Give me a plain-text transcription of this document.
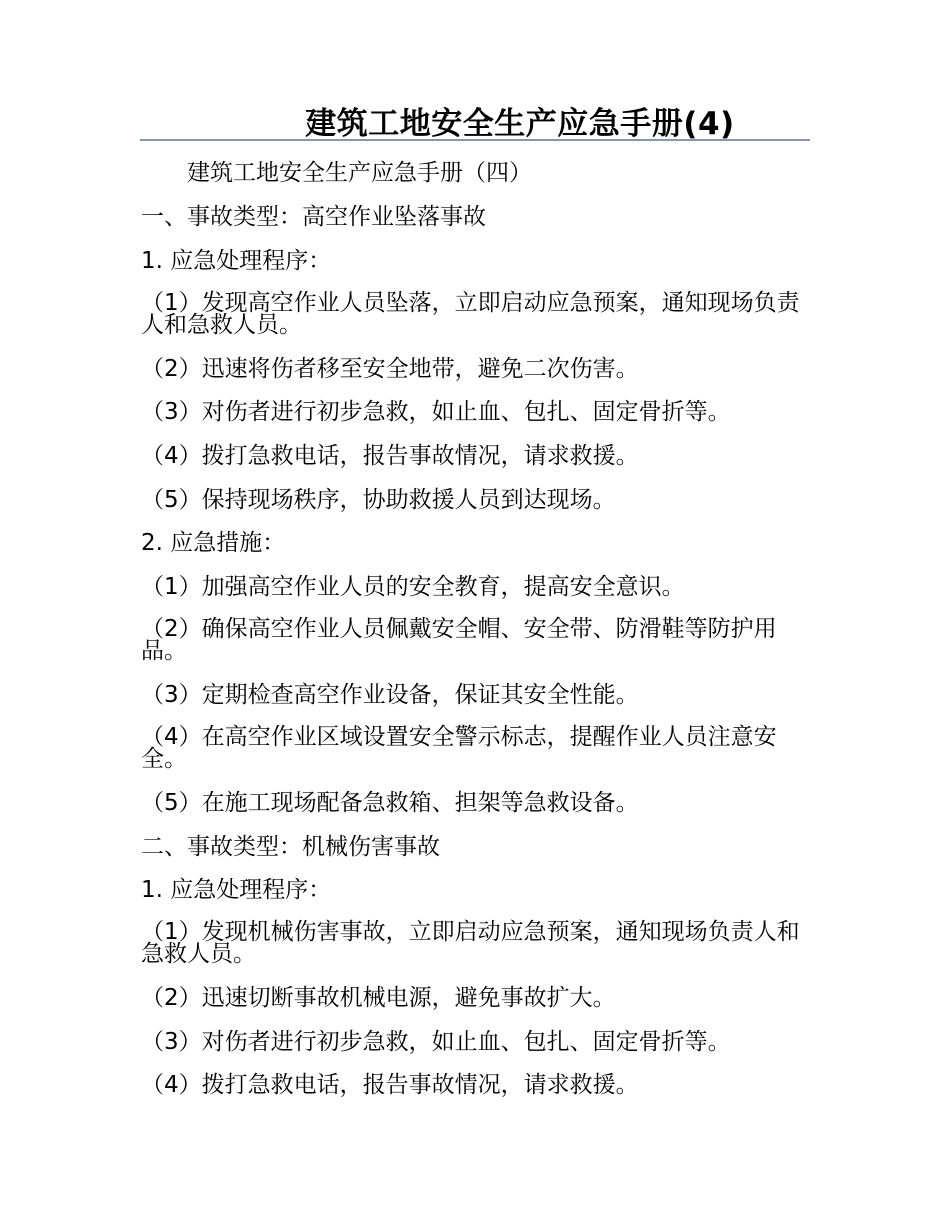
建筑工地安全生产应急手册(4)

建筑工地安全生产应急手册（四）

一、事故类型：高空作业坠落事故

1. 应急处理程序：

（1）发现高空作业人员坠落，立即启动应急预案，通知现场负责人和急救人员。

（2）迅速将伤者移至安全地带，避免二次伤害。

（3）对伤者进行初步急救，如止血、包扎、固定骨折等。

（4）拨打急救电话，报告事故情况，请求救援。

（5）保持现场秩序，协助救援人员到达现场。

2. 应急措施：

（1）加强高空作业人员的安全教育，提高安全意识。

（2）确保高空作业人员佩戴安全帽、安全带、防滑鞋等防护用品。

（3）定期检查高空作业设备，保证其安全性能。

（4）在高空作业区域设置安全警示标志，提醒作业人员注意安全。

（5）在施工现场配备急救箱、担架等急救设备。

二、事故类型：机械伤害事故

1. 应急处理程序：

（1）发现机械伤害事故，立即启动应急预案，通知现场负责人和急救人员。

（2）迅速切断事故机械电源，避免事故扩大。

（3）对伤者进行初步急救，如止血、包扎、固定骨折等。

（4）拨打急救电话，报告事故情况，请求救援。
